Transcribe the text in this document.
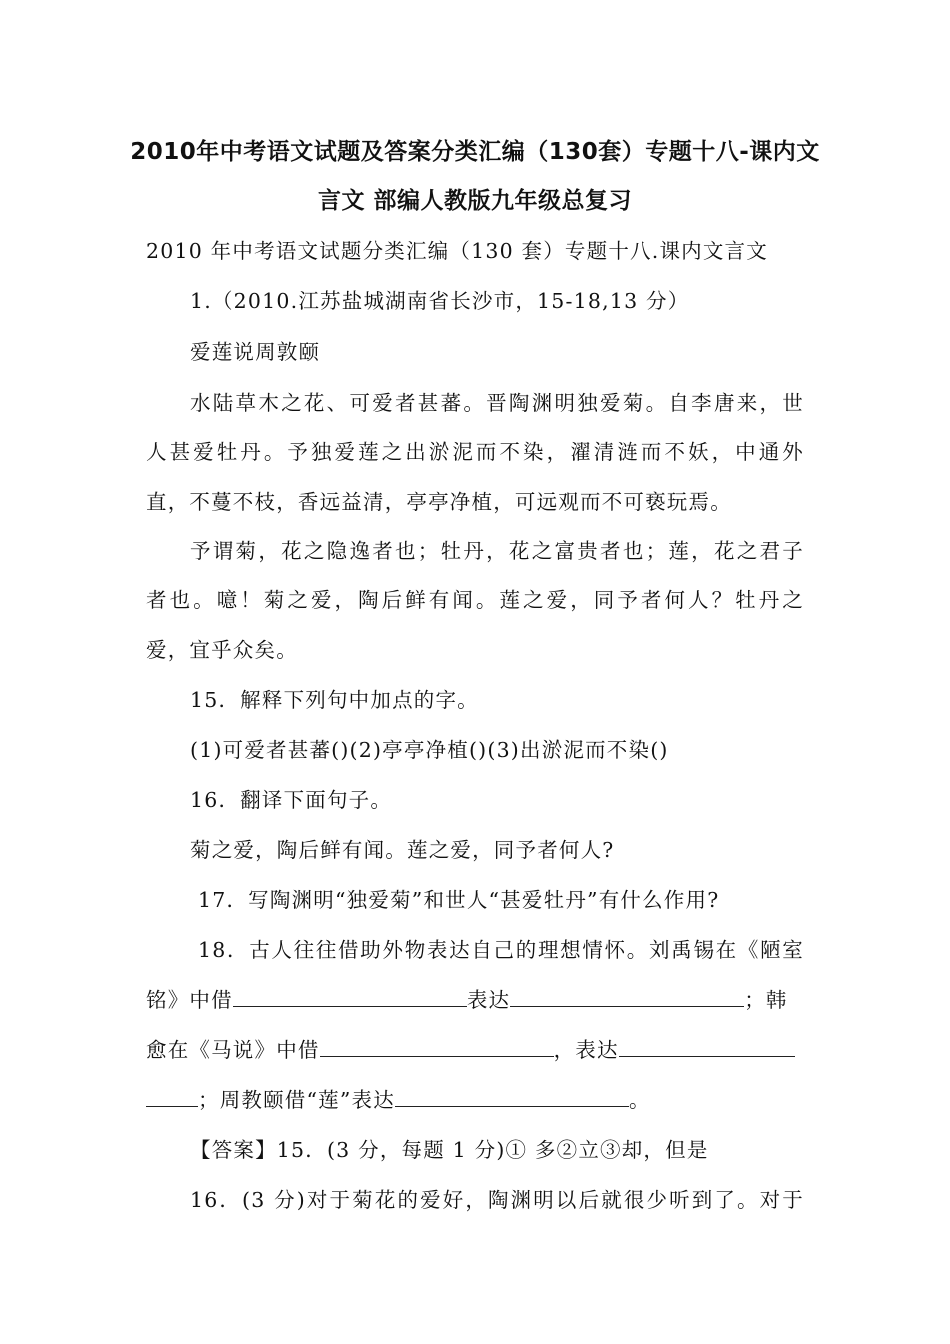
2010年中考语文试题及答案分类汇编（130套）专题十八-课内文
言文 部编人教版九年级总复习
2010 年中考语文试题分类汇编（130 套）专题十八.课内文言文
1.（2010.江苏盐城湖南省长沙市，15-18,13 分）
爱莲说周敦颐
水陆草木之花、可爱者甚蕃。晋陶渊明独爱菊。自李唐来，世
人甚爱牡丹。予独爱莲之出淤泥而不染，濯清涟而不妖，中通外
直，不蔓不枝，香远益清，亭亭净植，可远观而不可亵玩焉。
予谓菊，花之隐逸者也；牡丹，花之富贵者也；莲，花之君子
者也。噫！菊之爱，陶后鲜有闻。莲之爱，同予者何人？牡丹之
爱，宜乎众矣。
15．解释下列句中加点的字。
(1)可爱者甚蕃()(2)亭亭净植()(3)出淤泥而不染()
16．翻译下面句子。
菊之爱，陶后鲜有闻。莲之爱，同予者何人?
17．写陶渊明“独爱菊”和世人“甚爱牡丹”有什么作用?
18．古人往往借助外物表达自己的理想情怀。刘禹锡在《陋室
铭》中借	表达	；韩
愈在《马说》中借	，表达
；周教颐借“莲”表达	。
【答案】15．(3 分，每题 1 分)① 多②立③却，但是
16．(3 分)对于菊花的爱好，陶渊明以后就很少听到了。对于
